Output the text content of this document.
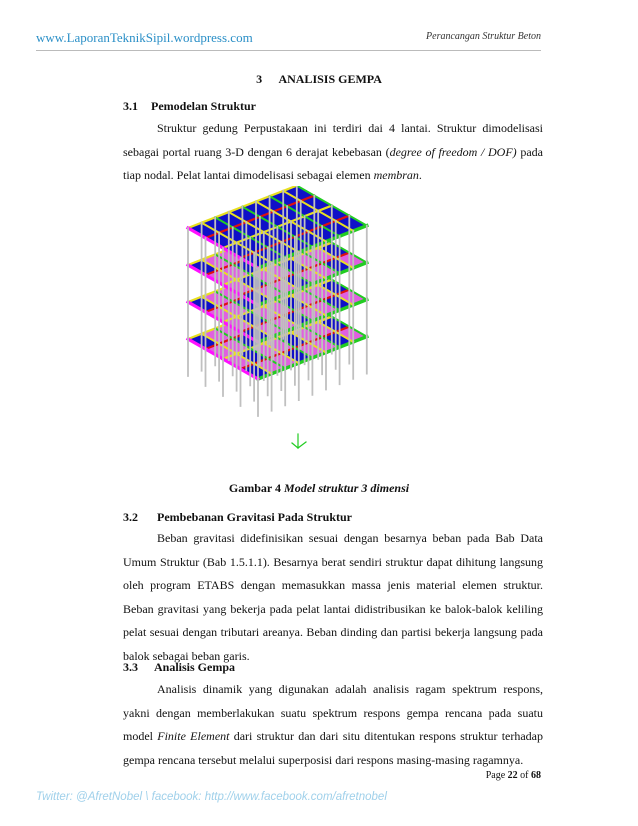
www.LaporanTeknikSipil.wordpress.com	Perancangan Struktur Beton
3 ANALISIS GEMPA
3.1 Pemodelan Struktur
Struktur gedung Perpustakaan ini terdiri dai 4 lantai. Struktur dimodelisasi sebagai portal ruang 3-D dengan 6 derajat kebebasan (degree of freedom / DOF) pada tiap nodal. Pelat lantai dimodelisasi sebagai elemen membran.
Gambar 4 Model struktur 3 dimensi
3.2 Pembebanan Gravitasi Pada Struktur
Beban gravitasi didefinisikan sesuai dengan besarnya beban pada Bab Data Umum Struktur (Bab 1.5.1.1). Besarnya berat sendiri struktur dapat dihitung langsung oleh program ETABS dengan memasukkan massa jenis material elemen struktur. Beban gravitasi yang bekerja pada pelat lantai didistribusikan ke balok-balok keliling pelat sesuai dengan tributari areanya. Beban dinding dan partisi bekerja langsung pada balok sebagai beban garis.
3.3 Analisis Gempa
Analisis dinamik yang digunakan adalah analisis ragam spektrum respons, yakni dengan memberlakukan suatu spektrum respons gempa rencana pada suatu model Finite Element dari struktur dan dari situ ditentukan respons struktur terhadap gempa rencana tersebut melalui superposisi dari respons masing-masing ragamnya.
Page 22 of 68
Twitter: @AfretNobel \ facebook: http://www.facebook.com/afretnobel
